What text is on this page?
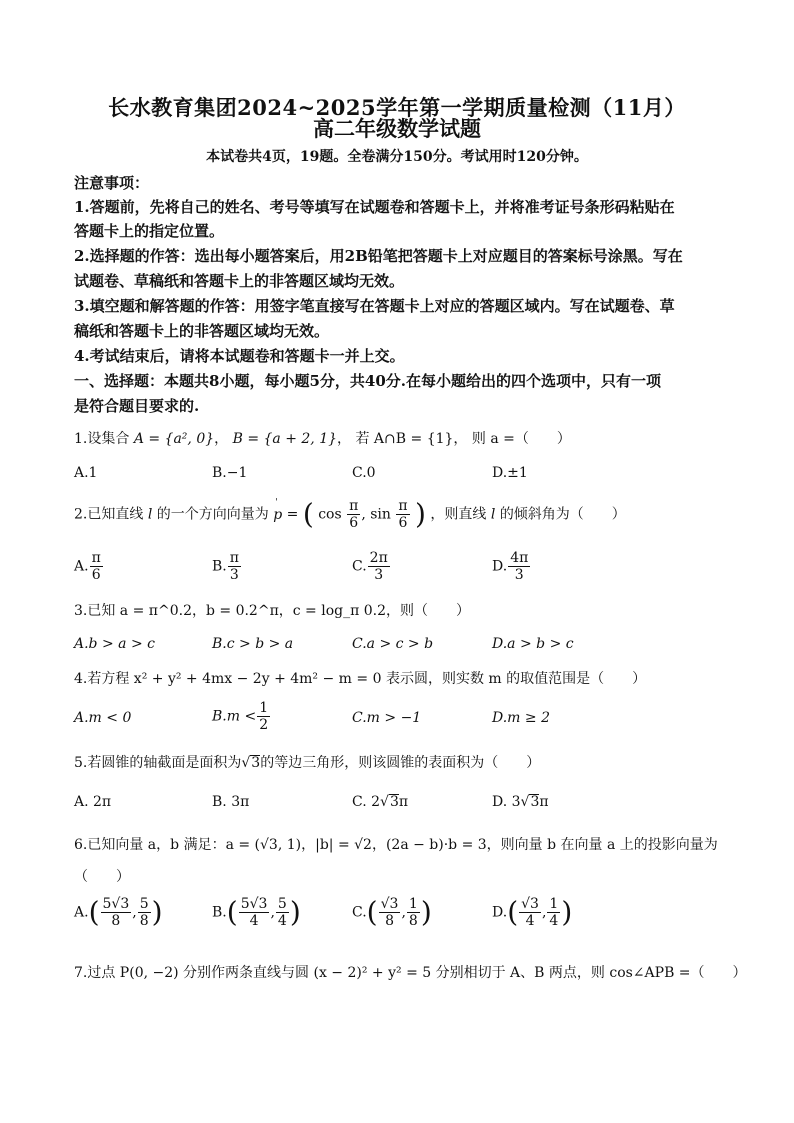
长水教育集团2024~2025学年第一学期质量检测（11月）
高二年级数学试题
本试卷共4页，19题。全卷满分150分。考试用时120分钟。
注意事项：
1.答题前，先将自己的姓名、考号等填写在试题卷和答题卡上，并将准考证号条形码粘贴在
答题卡上的指定位置。
2.选择题的作答：选出每小题答案后，用2B铅笔把答题卡上对应题目的答案标号涂黑。写在
试题卷、草稿纸和答题卡上的非答题区域均无效。
3.填空题和解答题的作答：用签字笔直接写在答题卡上对应的答题区域内。写在试题卷、草
稿纸和答题卡上的非答题区域均无效。
4.考试结束后，请将本试题卷和答题卡一并上交。
一、选择题：本题共8小题，每小题5分，共40分.在每小题给出的四个选项中，只有一项
是符合题目要求的.
1.设集合 A = {a², 0}， B = {a + 2, 1}， 若 A∩B = {1}， 则 a =（　　）
A.1	B.−1	C.0	D.±1
2.已知直线 l 的一个方向向量为 ' p = ( $\cos \frac{\pi}{6}$ , $\sin \frac{\pi}{6}$ ) ，则直线 l 的倾斜角为（　　）
A. $\frac{\pi}{6}$	B. $\frac{\pi}{3}$	C. $\frac{2\pi}{3}$	D. $\frac{4\pi}{3}$
3.已知 a = π^0.2，b = 0.2^π，c = log_π 0.2，则（　　）
A.b > a > c	B.c > b > a	C.a > c > b	D.a > b > c
4.若方程 x² + y² + 4mx − 2y + 4m² − m = 0 表示圆，则实数 m 的取值范围是（　　）
A.m < 0	$B.m < \frac{1}{2}$	C.m > −1	D.m ≥ 2
5.若圆锥的轴截面是面积为√3的等边三角形，则该圆锥的表面积为（　　）
A. 2π	B. 3π	C. 2√3π	D. 3√3π
6.已知向量 a，b 满足：a = (√3, 1)，|b| = √2，(2a − b)·b = 3，则向量 b 在向量 a 上的投影向量为
（　　）
$A.( \frac{5√3}{8}$ , $\frac{5}{8}$ )	$B.( \frac{5√3}{4}$ , $\frac{5}{4}$ )	$C.( \frac{√3}{8}$ , $\frac{1}{8}$ )	$D.( \frac{√3}{4}$ , $\frac{1}{4}$ )
7.过点 P(0, −2) 分别作两条直线与圆 (x − 2)² + y² = 5 分别相切于 A、B 两点，则 cos∠APB =（　　）
